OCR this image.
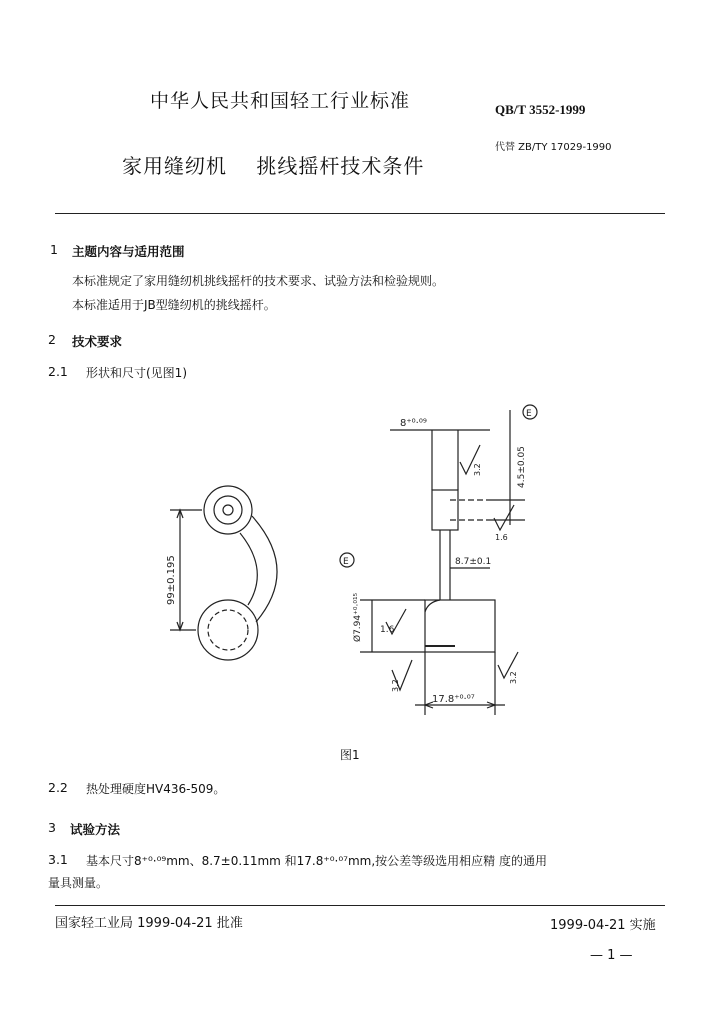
中华人民共和国轻工行业标准	QB/T 3552-1999
代替 ZB/TY 17029-1990
家用缝纫机    挑线摇杆技术条件
1 主题内容与适用范围
本标准规定了家用缝纫机挑线摇杆的技术要求、试验方法和检验规则。
本标准适用于JB型缝纫机的挑线摇杆。
2 技术要求
2.1 形状和尺寸(见图1)
99±0.195
8⁺⁰·⁰⁹
4.5±0.05
E
3.2
1.6
8.7±0.1
Ø7.94⁺⁰·⁰¹⁵
E
1.6
3.2
3.2
17.8⁺⁰·⁰⁷
图1
2.2 热处理硬度HV436-509。
3 试验方法
3.1 基本尺寸8⁺⁰·⁰⁹mm、8.7±0.11mm 和17.8⁺⁰·⁰⁷mm,按公差等级选用相应精 度的通用
量具测量。
国家轻工业局 1999-04-21 批准	1999-04-21 实施
— 1 —
